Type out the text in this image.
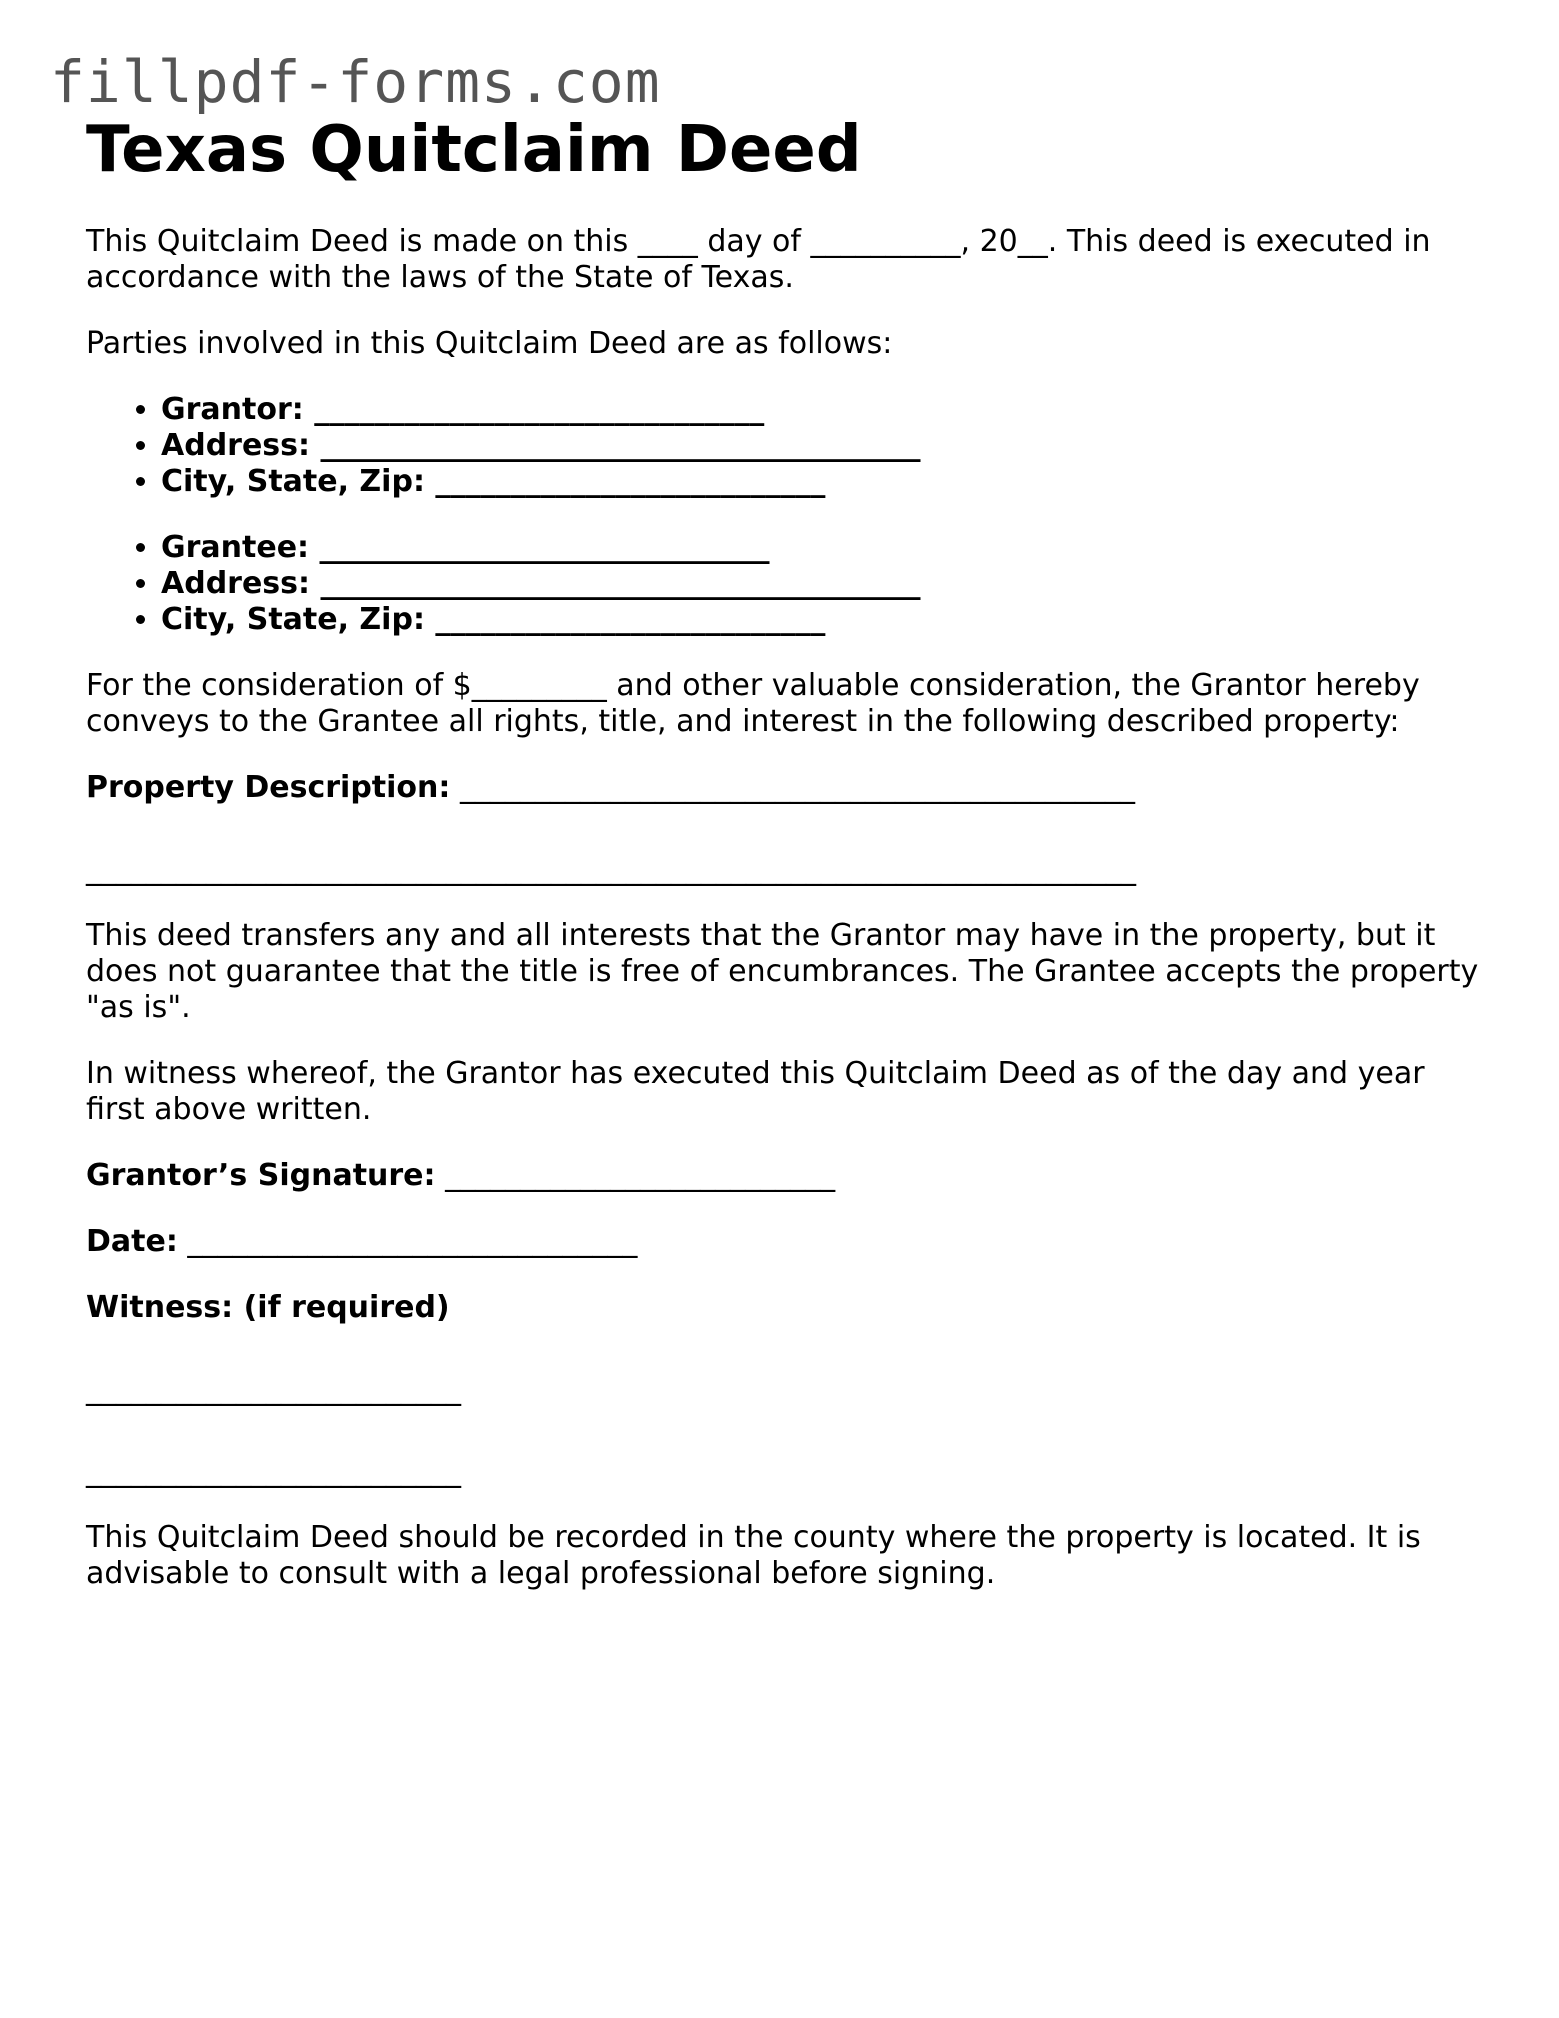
fillpdf-forms.com
Texas Quitclaim Deed

This Quitclaim Deed is made on this ____ day of __________, 20__. This deed is executed in accordance with the laws of the State of Texas.

Parties involved in this Quitclaim Deed are as follows:

• Grantor: ______________________________
• Address: ________________________________________
• City, State, Zip: __________________________
• Grantee: ______________________________
• Address: ________________________________________
• City, State, Zip: __________________________

For the consideration of $_________ and other valuable consideration, the Grantor hereby conveys to the Grantee all rights, title, and interest in the following described property:

Property Description: _____________________________________________

______________________________________________________________________

This deed transfers any and all interests that the Grantor may have in the property, but it does not guarantee that the title is free of encumbrances. The Grantee accepts the property "as is".

In witness whereof, the Grantor has executed this Quitclaim Deed as of the day and year first above written.

Grantor’s Signature: __________________________

Date: ______________________________

Witness: (if required)

_________________________

_________________________

This Quitclaim Deed should be recorded in the county where the property is located. It is advisable to consult with a legal professional before signing.
